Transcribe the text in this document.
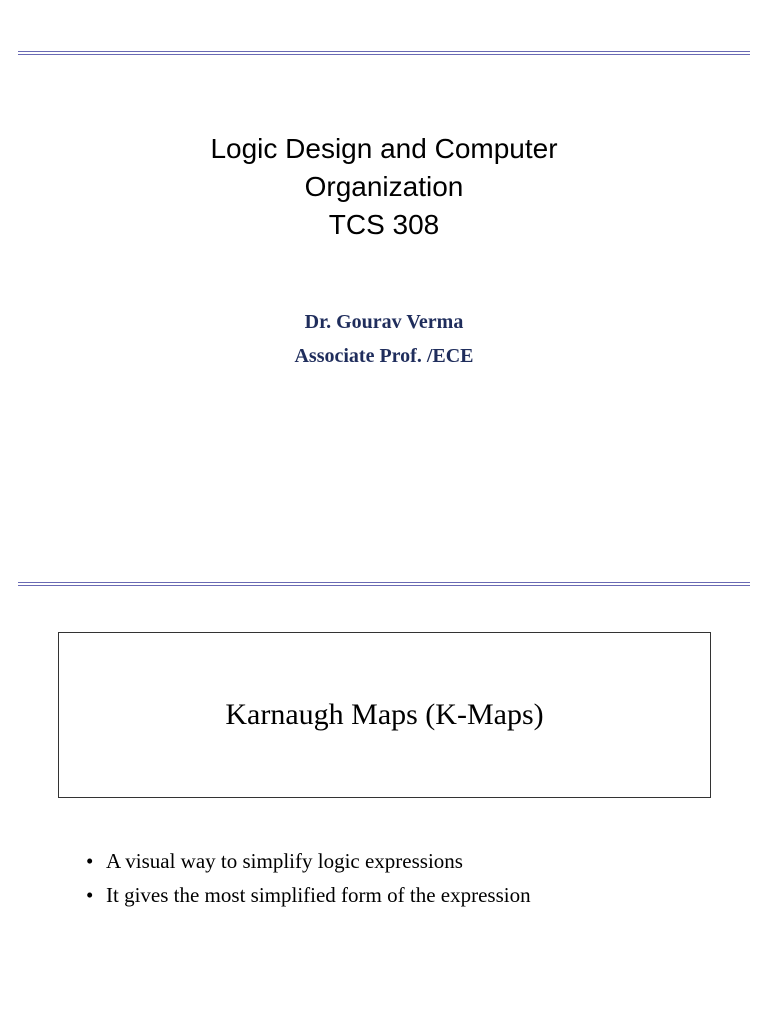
Logic Design and Computer
Organization
TCS 308
Dr. Gourav Verma
Associate Prof. /ECE
Karnaugh Maps (K-Maps)
• A visual way to simplify logic expressions
• It gives the most simplified form of the expression
